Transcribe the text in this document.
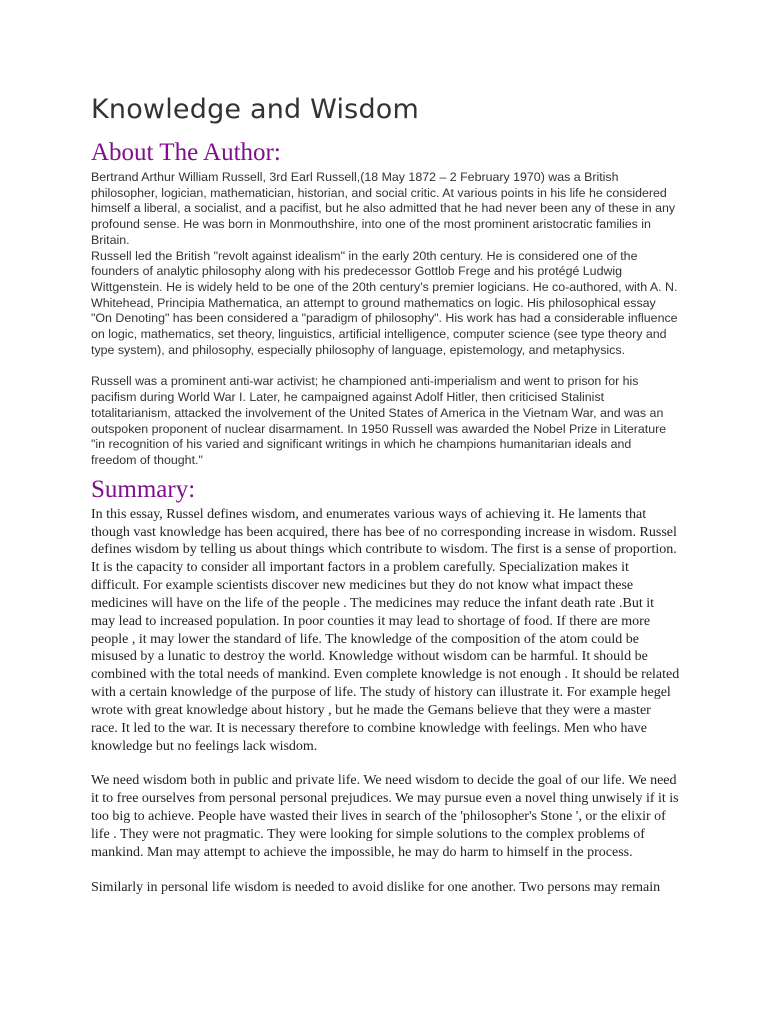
Knowledge and Wisdom
About The Author:

Bertrand Arthur William Russell, 3rd Earl Russell,(18 May 1872 – 2 February 1970) was a British philosopher, logician, mathematician, historian, and social critic. At various points in his life he considered himself a liberal, a socialist, and a pacifist, but he also admitted that he had never been any of these in any profound sense. He was born in Monmouthshire, into one of the most prominent aristocratic families in Britain.

Russell led the British "revolt against idealism" in the early 20th century. He is considered one of the founders of analytic philosophy along with his predecessor Gottlob Frege and his protégé Ludwig Wittgenstein. He is widely held to be one of the 20th century's premier logicians. He co-authored, with A. N. Whitehead, Principia Mathematica, an attempt to ground mathematics on logic. His philosophical essay "On Denoting" has been considered a "paradigm of philosophy". His work has had a considerable influence on logic, mathematics, set theory, linguistics, artificial intelligence, computer science (see type theory and type system), and philosophy, especially philosophy of language, epistemology, and metaphysics.

Russell was a prominent anti-war activist; he championed anti-imperialism and went to prison for his pacifism during World War I. Later, he campaigned against Adolf Hitler, then criticised Stalinist totalitarianism, attacked the involvement of the United States of America in the Vietnam War, and was an outspoken proponent of nuclear disarmament. In 1950 Russell was awarded the Nobel Prize in Literature "in recognition of his varied and significant writings in which he champions humanitarian ideals and freedom of thought."

Summary:

In this essay, Russel defines wisdom, and enumerates various ways of achieving it. He laments that though vast knowledge has been acquired, there has bee of no corresponding increase in wisdom. Russel defines wisdom by telling us about things which contribute to wisdom. The first is a sense of proportion. It is the capacity to consider all important factors in a problem carefully. Specialization makes it difficult. For example scientists discover new medicines but they do not know what impact these medicines will have on the life of the people . The medicines may reduce the infant death rate .But it may lead to increased population. In poor counties it may lead to shortage of food. If there are more people , it may lower the standard of life. The knowledge of the composition of the atom could be misused by a lunatic to destroy the world. Knowledge without wisdom can be harmful. It should be combined with the total needs of mankind. Even complete knowledge is not enough . It should be related with a certain knowledge of the purpose of life. The study of history can illustrate it. For example hegel wrote with great knowledge about history , but he made the Gemans believe that they were a master race. It led to the war. It is necessary therefore to combine knowledge with feelings. Men who have knowledge but no feelings lack wisdom.

We need wisdom both in public and private life. We need wisdom to decide the goal of our life. We need it to free ourselves from personal personal prejudices. We may pursue even a novel thing unwisely if it is too big to achieve. People have wasted their lives in search of the 'philosopher's Stone ', or the elixir of life . They were not pragmatic. They were looking for simple solutions to the complex problems of mankind. Man may attempt to achieve the impossible, he may do harm to himself in the process.

Similarly in personal life wisdom is needed to avoid dislike for one another. Two persons may remain
